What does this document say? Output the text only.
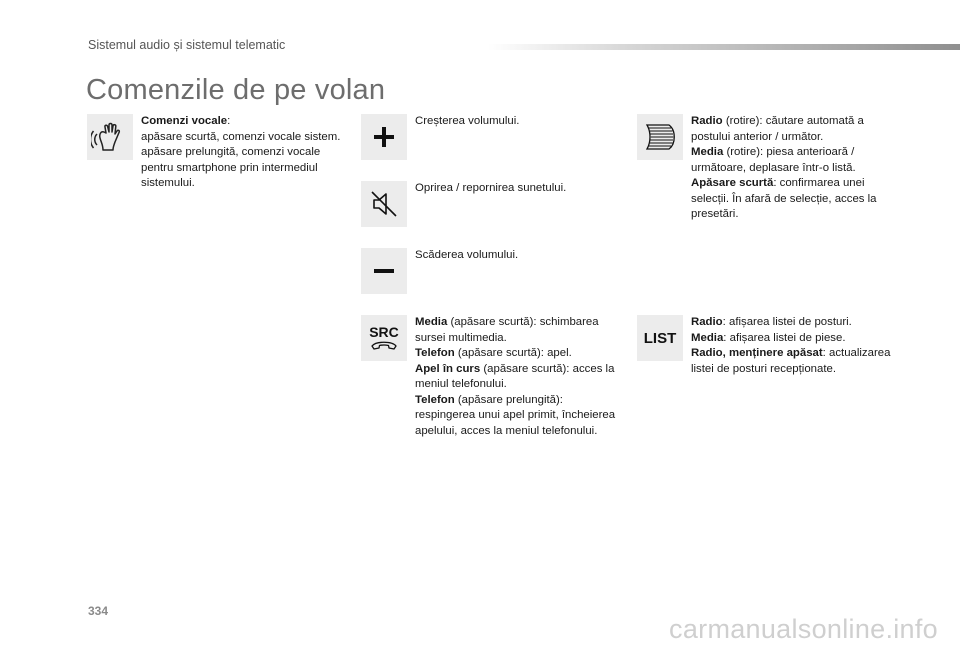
Sistemul audio și sistemul telematic
Comenzile de pe volan
Comenzi vocale:
apăsare scurtă, comenzi vocale sistem.
apăsare prelungită, comenzi vocale pentru smartphone prin intermediul sistemului.
Creșterea volumului.
Oprirea / repornirea sunetului.
Scăderea volumului.
SRC
Media (apăsare scurtă): schimbarea sursei multimedia.
Telefon (apăsare scurtă): apel.
Apel în curs (apăsare scurtă): acces la meniul telefonului.
Telefon (apăsare prelungită): respingerea unui apel primit, încheierea apelului, acces la meniul telefonului.
Radio (rotire): căutare automată a postului anterior / următor.
Media (rotire): piesa anterioară / următoare, deplasare într-o listă.
Apăsare scurtă: confirmarea unei selecții. În afară de selecție, acces la presetări.
LIST
Radio: afișarea listei de posturi.
Media: afișarea listei de piese.
Radio, menținere apăsat: actualizarea listei de posturi recepționate.
334
carmanualsonline.info
